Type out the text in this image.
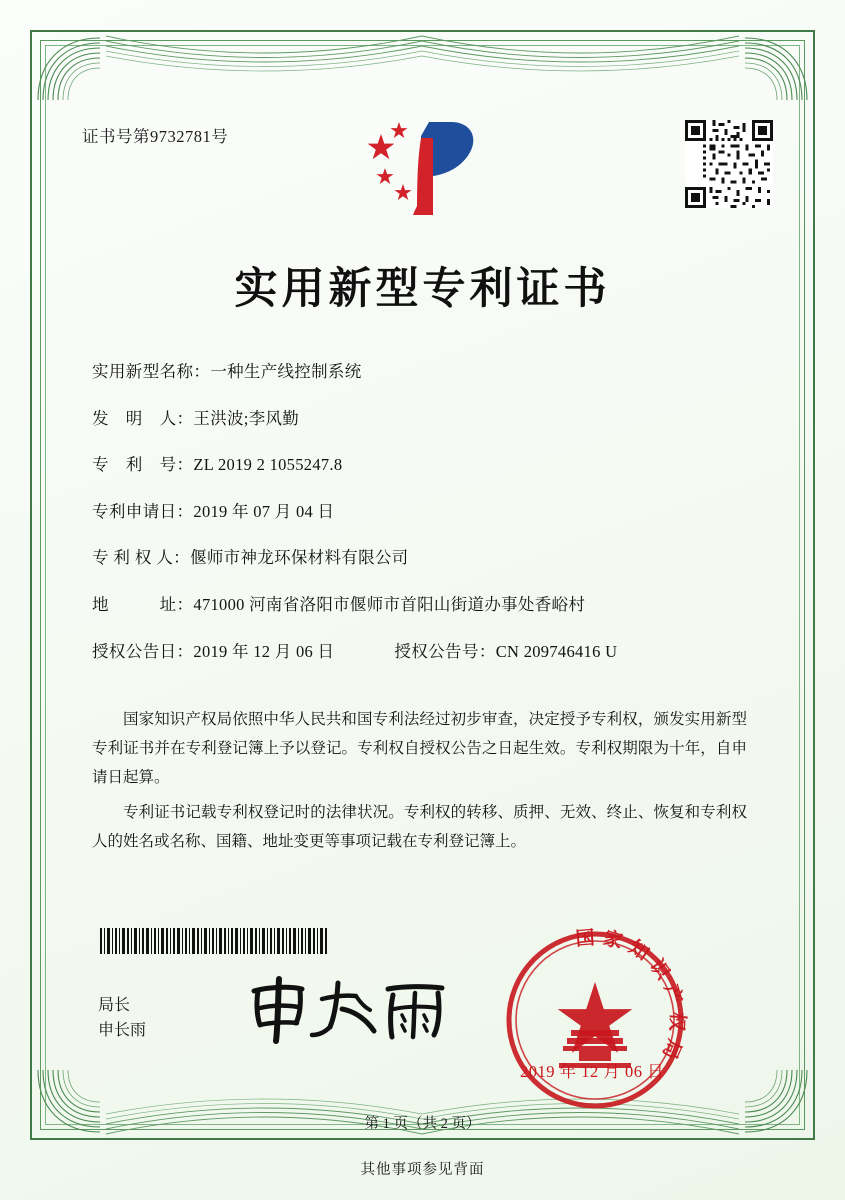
证书号第9732781号
实用新型专利证书
实用新型名称： 一种生产线控制系统
发　明　人： 王洪波;李风勤
专　利　号： ZL 2019 2 1055247.8
专利申请日： 2019 年 07 月 04 日
专 利 权 人： 偃师市神龙环保材料有限公司
地　　　址： 471000 河南省洛阳市偃师市首阳山街道办事处香峪村
授权公告日： 2019 年 12 月 06 日	授权公告号： CN 209746416 U

国家知识产权局依照中华人民共和国专利法经过初步审查，决定授予专利权，颁发实用新型专利证书并在专利登记簿上予以登记。专利权自授权公告之日起生效。专利权期限为十年，自申请日起算。

专利证书记载专利权登记时的法律状况。专利权的转移、质押、无效、终止、恢复和专利权人的姓名或名称、国籍、地址变更等事项记载在专利登记簿上。

局长
申长雨
国家知识产权局
2019 年 12 月 06 日
第 1 页（共 2 页）
其他事项参见背面
